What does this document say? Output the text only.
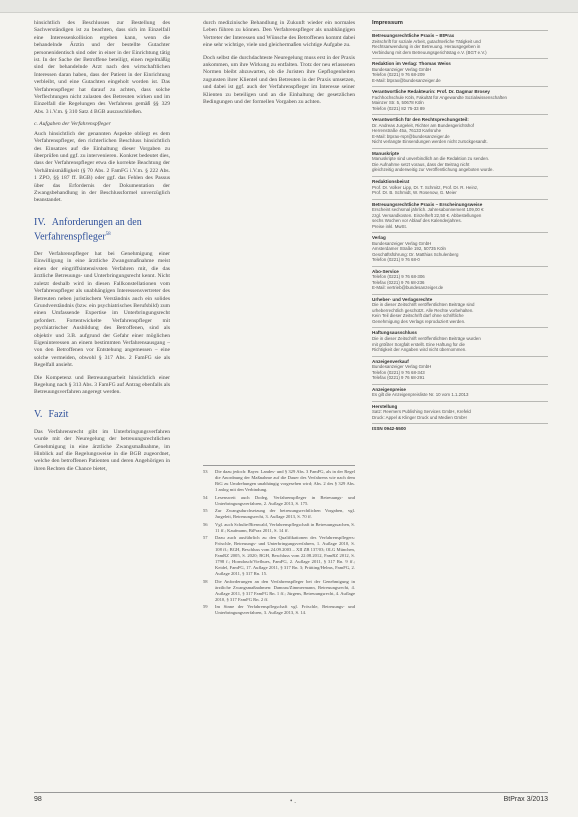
hinsichtlich des Beschlusses zur Bestellung des Sachverständigen ist zu beachten, dass sich im Einzelfall eine Interessenkollision ergeben kann, wenn die behandelnde Ärztin und der bestellte Gutachter personenidentisch sind oder in einer in der Einrichtung tätig ist. In der Sache der Betroffene beteiligt, einen regelmäßig sind der behandelnde Arzt nach den wirtschaftlichen Interessen daran haben, dass der Patient in der Einrichtung verbleibt, und eine Gutachten eingeholt worden ist. Das Verfahrenspfleger hat darauf zu achten, dass solche Verflechtungen nicht zulasten des Betreuten wirken und im Einzelfall die Regelungen des Verfahrens gemäß §§ 329 Abs. 3 i.V.m. § 310 Satz 4 BGB auszuschließen.

c. Aufgaben der Verfahrenspfleger

Auch hinsichtlich der genannten Aspekte obliegt es dem Verfahrenspfleger, den richterlichen Beschluss hinsichtlich des Einsatzes auf die Einhaltung dieser Vorgaben zu überprüfen und ggf. zu intervenieren. Konkret bedeutet dies, dass der Verfahrenspfleger etwa die korrekte Beachtung der Verhältnismäßigkeit (§ 70 Abs. 2 FamFG i.V.m. § 222 Abs. 1 ZPO, §§ 187 ff. BGB) oder ggf. das Fehlen des Passus über das Erfordernis der Dokumentation der Zwangsbehandlung in der Beschlussformel unverzüglich beanstandet.

IV. Anforderungen an den Verfahrenspfleger$^{58}$

Der Verfahrenspfleger hat bei Genehmigung einer Einwilligung in eine ärztliche Zwangsmaßnahme meist einen der eingriffsintensivsten Verfahren mit, die das ärztliche Betreuungs- und Unterbringungsrecht kennt. Nicht zuletzt deshalb wird in diesen Fallkonstellationen vom Verfahrenspfleger als unabhängigen Interessensvertreter des Betreuten neben juristischem Verständnis auch ein solides Grundverständnis (bzw. ein psychiatrisches Berufsbild) zum einen Umfassende Expertise im Unterbringungsrecht gefordert. Fortentwickelte Verfahrenspfleger mit psychiatrischer Ausbildung des Betroffenen, sind als objektiv und 3.B. aufgrund der Gefahr einer möglichen Eigeninteressen an einem bestimmten Verfahrensausgang – von den Betroffenen vor Entstehung angemessen – eine solche vermeiden, obwohl § 317 Abs. 2 FamFG sie als Regelfall ansieht.

Die Kompetenz und Betreuungsarbeit hinsichtlich einer Regelung nach § 313 Abs. 3 FamFG auf Antrag ebenfalls als Betreuungsverfahren angeregt werden.

V. Fazit

Das Verfahrensrecht gibt im Unterbringungsverfahren wurde mit der Neuregelung der betreuungsrechtlichen Genehmigung in eine ärztliche Zwangsmaßnahme, im Hinblick auf die Regelungsweise in die BGB zugeordnet, welche den betroffenen Patienten und deren Angehörigen in ihren Rechten die Chance bietet,

durch medizinische Behandlung in Zukunft wieder ein normales Leben führen zu können. Den Verfahrenspfleger als unabhängigen Vertreter der Interessen und Wünsche des Betroffenen kommt dabei eine sehr wichtige, viele und gleichermaßen wichtige Aufgabe zu.

Doch selbst die durchdachteste Neuregelung muss erst in der Praxis ankommen, um ihre Wirkung zu entfalten. Trotz der neu erlassenen Normen bleibt abzuwarten, ob die Juristen ihre Gepflogenheiten zugunsten ihrer Klientel und den Betreuten in der Praxis umsetzen, und dabei ist ggf. auch der Verfahrenspfleger im Interesse seiner Klienten zu beteiligen und an die Einhaltung der gesetzlichen Bedingungen und der formellen Vorgaben zu achten.

53	Die dazu jedoch: Bayer. Landes- und § 329 Abs. 3 FamFG, als in der Regel die Anordnung der Maßnahme auf die Dauer des Verfahrens wie nach dem BtG zu Umdrehungen unabhängig vorgesehen wird; Abs. 2 des § 329 Abs. 1 anlog mit den Verbindung.
54	Lesensweit auch Dodeg, Verfahrenspfleger in Betreuungs- und Unterbringungsverfahren, 2. Auflage 2013, S. 175.
55	Zur Zwangsdurchsetzung der betreuungsrechtlichen Vorgaben, vgl. Jurgeleit, Betreuungsrecht, 3. Auflage 2013, S. 70 ff.
56	Vgl. auch Schulte/Bienwald, Verfahrenspflegschaft in Betreuungssachen, S. 11 ff.; Kaufmann, BtPrax 2011, S. 14 ff.
57	Dazu auch ausführlich zu den Qualifikationen des Verfahrenspflegers: Fröschle, Betreuungs- und Unterbringungsverfahren, 1. Auflage 2010, S. 108 ff.; BGH, Beschluss vom 24.09.2003 – XII ZB 137/03; OLG München, FamRZ 2005, S. 2020; BGH, Beschluss vom 22.08.2012, FamRZ 2012, S. 1798 f.; Horndasch/Viefhues, FamFG, 2. Auflage 2011, § 317 Rn. 9 ff.; Keidel, FamFG, 17. Auflage 2011, § 317 Rn. 3; Prütting/Helms, FamFG, 2. Auflage 2011, § 317 Rn. 15.
58	Die Anforderungen an den Verfahrenspfleger bei der Genehmigung in ärztliche Zwangsmaßnahmen: Damrau/Zimmermann, Betreuungsrecht, 4. Auflage 2011, § 317 FamFG Rn. 1 ff.; Jürgens, Betreuungsrecht, 4. Auflage 2010, § 317 FamFG Rn. 2 ff.
59	Im Sinne der Verfahrenspflegschaft vgl. Fröschle, Betreuungs- und Unterbringungsverfahren, 3. Auflage 2013, S. 14.
Impressum
Betreuungsrechtliche Praxis – BtPrax
Zeitschrift für soziale Arbeit, gutachterliche Tätigkeit und
Rechtsanwendung in der Betreuung. Herausgegeben in
Verbindung mit dem Betreuungsgerichtstag e.V. (BGT e.V.)
Redaktion im Verlag: Thomas Weiss
Bundesanzeiger Verlag GmbH
Telefon (0221) 9 76 68-209
E-Mail: btprax@bundesanzeiger.de
Verantwortliche Redakteurin: Prof. Dr. Dagmar Brosey
Fachhochschule Köln, Fakultät für Angewandte Sozialwissenschaften
Mainzer Str. 5, 50678 Köln
Telefon (0221) 82 75-33 89
Verantwortlich für den Rechtsprechungsteil:
Dr. Andreas Jurgeleit, Richter am Bundesgerichtshof
Herrenstraße 45a, 76133 Karlsruhe
E-Mail: btprax-rspr@bundesanzeiger.de
Nicht verlangte Einsendungen werden nicht zurückgesandt.
Manuskripte
Manuskripte sind unverbindlich an die Redaktion zu senden.
Die Aufnahme setzt voraus, dass der Beitrag nicht
gleichzeitig anderweitig zur Veröffentlichung angeboten wurde.
Redaktionsbeirat
Prof. Dr. Volker Lipp, Dr. T. Schmitz, Prof. Dr. R. Heinz,
Prof. Dr. B. Schmidt, W. Rosenow, G. Meier
Betreuungsrechtliche Praxis – Erscheinungsweise
Erscheint sechsmal jährlich. Jahresabonnement 109,00 €
zzgl. Versandkosten. Einzelheft 22,50 €. Abbestellungen
sechs Wochen vor Ablauf des Kalenderjahres.
Preise inkl. MwSt.
Verlag
Bundesanzeiger Verlag GmbH
Amsterdamer Straße 192, 50735 Köln
Geschäftsführung: Dr. Matthias Schulenberg
Telefon (0221) 9 76 68-0
Abo-Service
Telefon (0221) 9 76 68-306
Telefax (0221) 9 76 68-236
E-Mail: vertrieb@bundesanzeiger.de
Urheber- und Verlagsrechte
Die in dieser Zeitschrift veröffentlichten Beiträge sind
urheberrechtlich geschützt. Alle Rechte vorbehalten.
Kein Teil dieser Zeitschrift darf ohne schriftliche
Genehmigung des Verlags reproduziert werden.
Haftungsausschluss
Die in dieser Zeitschrift veröffentlichten Beiträge wurden
mit größter Sorgfalt erstellt. Eine Haftung für die
Richtigkeit der Angaben wird nicht übernommen.
Anzeigenverkauf
Bundesanzeiger Verlag GmbH
Telefon (0221) 9 76 68-343
Telefax (0221) 9 76 68-291
Anzeigenpreise
Es gilt die Anzeigenpreisliste Nr. 10 vom 1.1.2013
Herstellung
Satz: Reemers Publishing Services GmbH, Krefeld
Druck: Appel & Klinger Druck und Medien GmbH
ISSN 0942-5500
98	• .	BtPrax 3/2013
